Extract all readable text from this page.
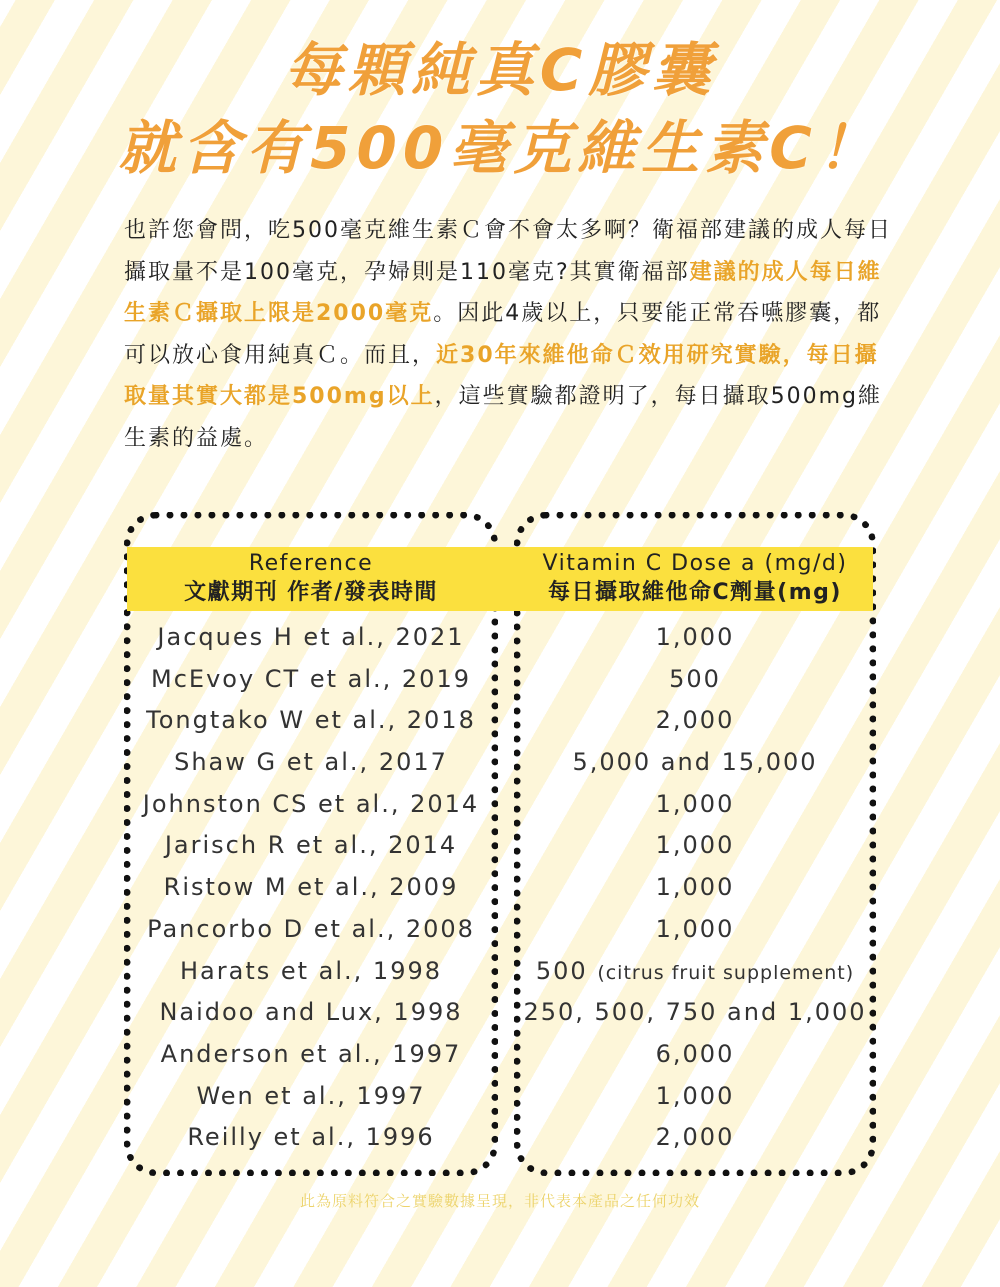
每顆純真C膠囊
就含有500毫克維生素C！
也許您會問，吃500毫克維生素Ｃ會不會太多啊？衛福部建議的成人每日攝取量不是100毫克，孕婦則是110毫克?其實衛福部建議的成人每日維生素Ｃ攝取上限是2000毫克。因此4歲以上，只要能正常吞嚥膠囊，都可以放心食用純真Ｃ。而且，近30年來維他命Ｃ效用研究實驗，每日攝取量其實大都是500mg以上，這些實驗都證明了，每日攝取500mg維生素的益處。
Reference
文獻期刊 作者/發表時間
Vitamin C Dose a (mg/d)
每日攝取維他命C劑量(mg)
Jacques H et al., 2021
McEvoy CT et al., 2019
Tongtako W et al., 2018
Shaw G et al., 2017
Johnston CS et al., 2014
Jarisch R et al., 2014
Ristow M et al., 2009
Pancorbo D et al., 2008
Harats et al., 1998
Naidoo and Lux, 1998
Anderson et al., 1997
Wen et al., 1997
Reilly et al., 1996
1,000
500
2,000
5,000 and 15,000
1,000
1,000
1,000
1,000
500 (citrus fruit supplement)
250, 500, 750 and 1,000
6,000
1,000
2,000
此為原料符合之實驗數據呈現，非代表本產品之任何功效
